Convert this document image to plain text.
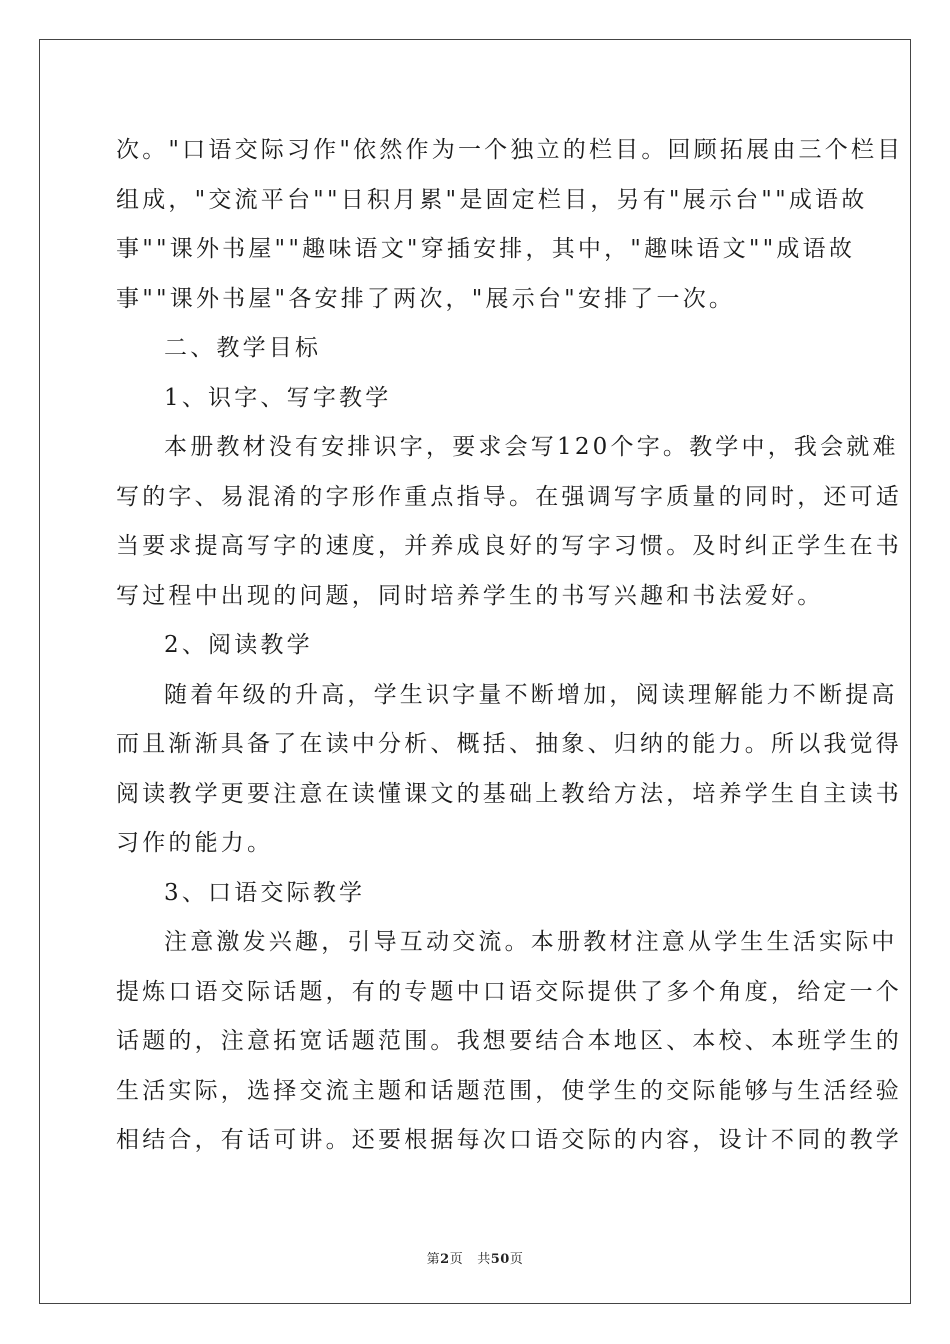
次。"口语交际习作"依然作为一个独立的栏目。回顾拓展由三个栏目
组成，"交流平台""日积月累"是固定栏目，另有"展示台""成语故
事""课外书屋""趣味语文"穿插安排，其中，"趣味语文""成语故
事""课外书屋"各安排了两次，"展示台"安排了一次。
二、教学目标
1、识字、写字教学
本册教材没有安排识字，要求会写120个字。教学中，我会就难
写的字、易混淆的字形作重点指导。在强调写字质量的同时，还可适
当要求提高写字的速度，并养成良好的写字习惯。及时纠正学生在书
写过程中出现的问题，同时培养学生的书写兴趣和书法爱好。
2、阅读教学
随着年级的升高，学生识字量不断增加，阅读理解能力不断提高
而且渐渐具备了在读中分析、概括、抽象、归纳的能力。所以我觉得
阅读教学更要注意在读懂课文的基础上教给方法，培养学生自主读书
习作的能力。
3、口语交际教学
注意激发兴趣，引导互动交流。本册教材注意从学生生活实际中
提炼口语交际话题，有的专题中口语交际提供了多个角度，给定一个
话题的，注意拓宽话题范围。我想要结合本地区、本校、本班学生的
生活实际，选择交流主题和话题范围，使学生的交际能够与生活经验
相结合，有话可讲。还要根据每次口语交际的内容，设计不同的教学
第2页 共50页
